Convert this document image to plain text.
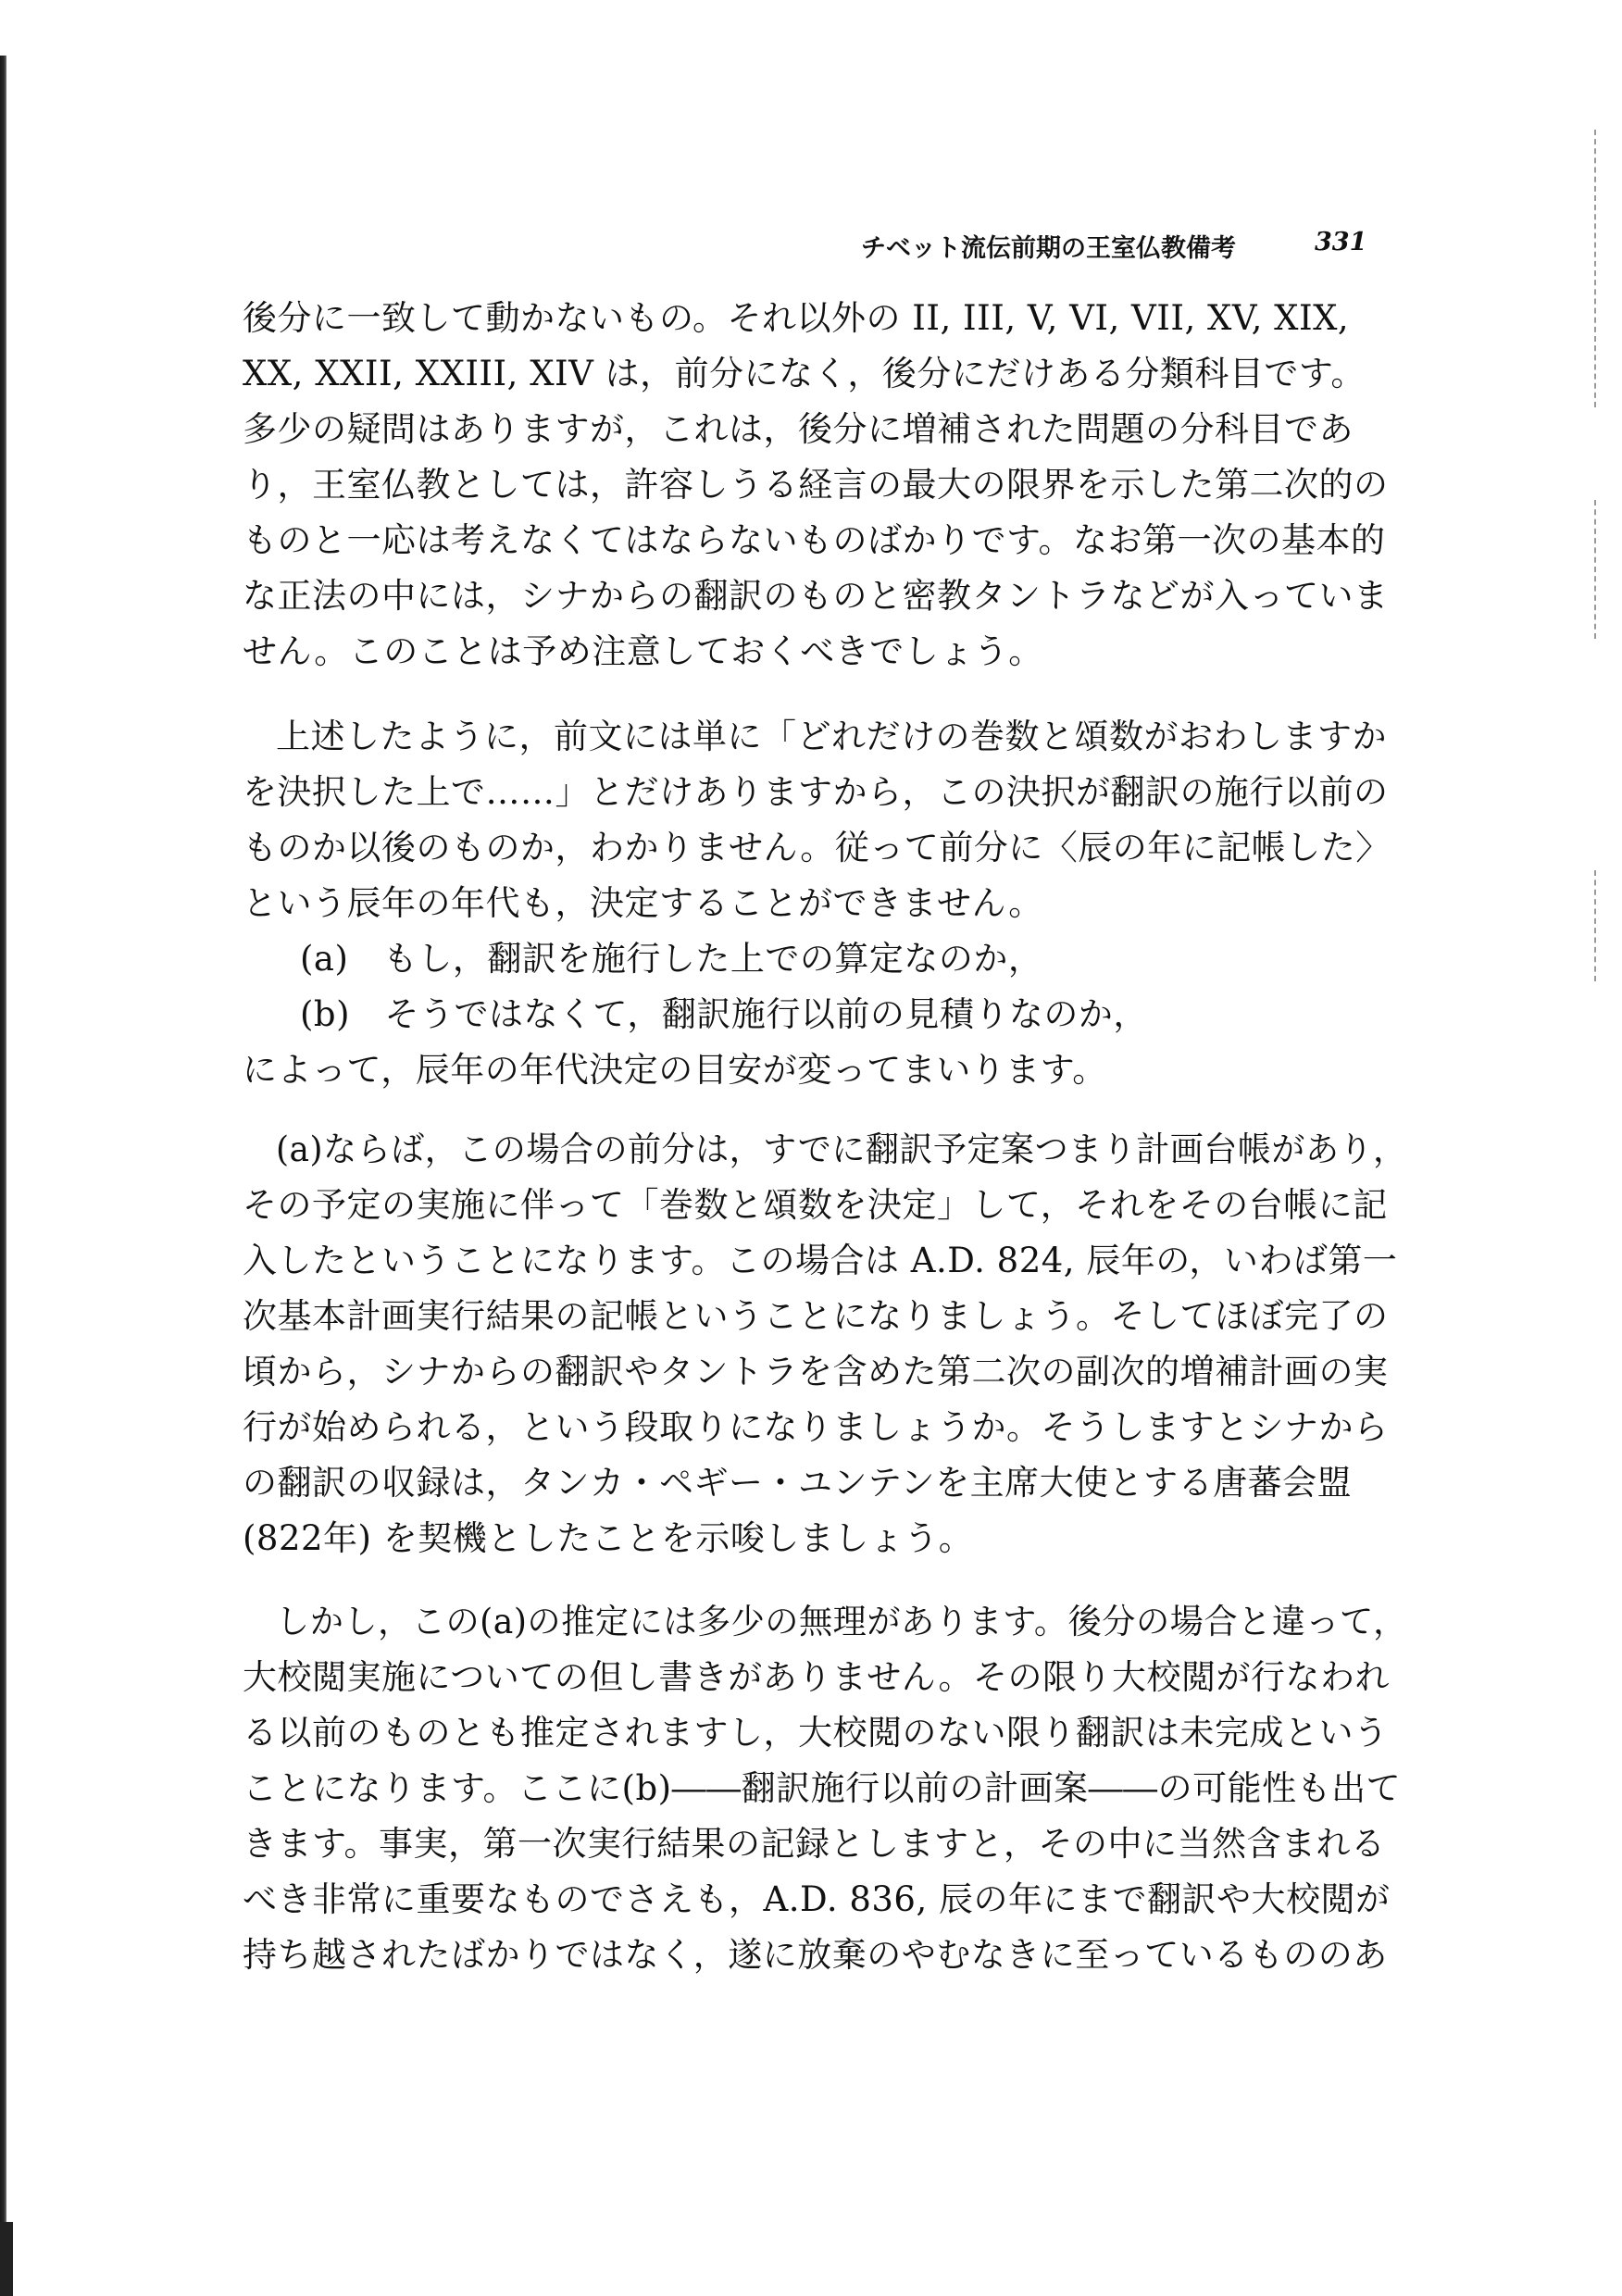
チベット流伝前期の王室仏教備考	331
後分に一致して動かないもの。それ以外の II, III, V, VI, VII, XV, XIX,
XX, XXII, XXIII, XIV は，前分になく，後分にだけある分類科目です。
多少の疑問はありますが，これは，後分に増補された問題の分科目であ
り，王室仏教としては，許容しうる経言の最大の限界を示した第二次的の
ものと一応は考えなくてはならないものばかりです。なお第一次の基本的
な正法の中には，シナからの翻訳のものと密教タントラなどが入っていま
せん。このことは予め注意しておくべきでしょう。
上述したように，前文には単に「どれだけの巻数と頌数がおわしますか
を決択した上で……」とだけありますから，この決択が翻訳の施行以前の
ものか以後のものか，わかりません。従って前分に〈辰の年に記帳した〉
という辰年の年代も，決定することができません。
(a)　もし，翻訳を施行した上での算定なのか，
(b)　そうではなくて，翻訳施行以前の見積りなのか，
によって，辰年の年代決定の目安が変ってまいります。
(a)ならば，この場合の前分は，すでに翻訳予定案つまり計画台帳があり，
その予定の実施に伴って「巻数と頌数を決定」して，それをその台帳に記
入したということになります。この場合は A.D. 824, 辰年の，いわば第一
次基本計画実行結果の記帳ということになりましょう。そしてほぼ完了の
頃から，シナからの翻訳やタントラを含めた第二次の副次的増補計画の実
行が始められる，という段取りになりましょうか。そうしますとシナから
の翻訳の収録は，タンカ・ペギー・ユンテンを主席大使とする唐蕃会盟
(822年) を契機としたことを示唆しましょう。
しかし，この(a)の推定には多少の無理があります。後分の場合と違って，
大校閲実施についての但し書きがありません。その限り大校閲が行なわれ
る以前のものとも推定されますし，大校閲のない限り翻訳は未完成という
ことになります。ここに(b)――翻訳施行以前の計画案――の可能性も出て
きます。事実，第一次実行結果の記録としますと，その中に当然含まれる
べき非常に重要なものでさえも，A.D. 836, 辰の年にまで翻訳や大校閲が
持ち越されたばかりではなく，遂に放棄のやむなきに至っているもののあ
